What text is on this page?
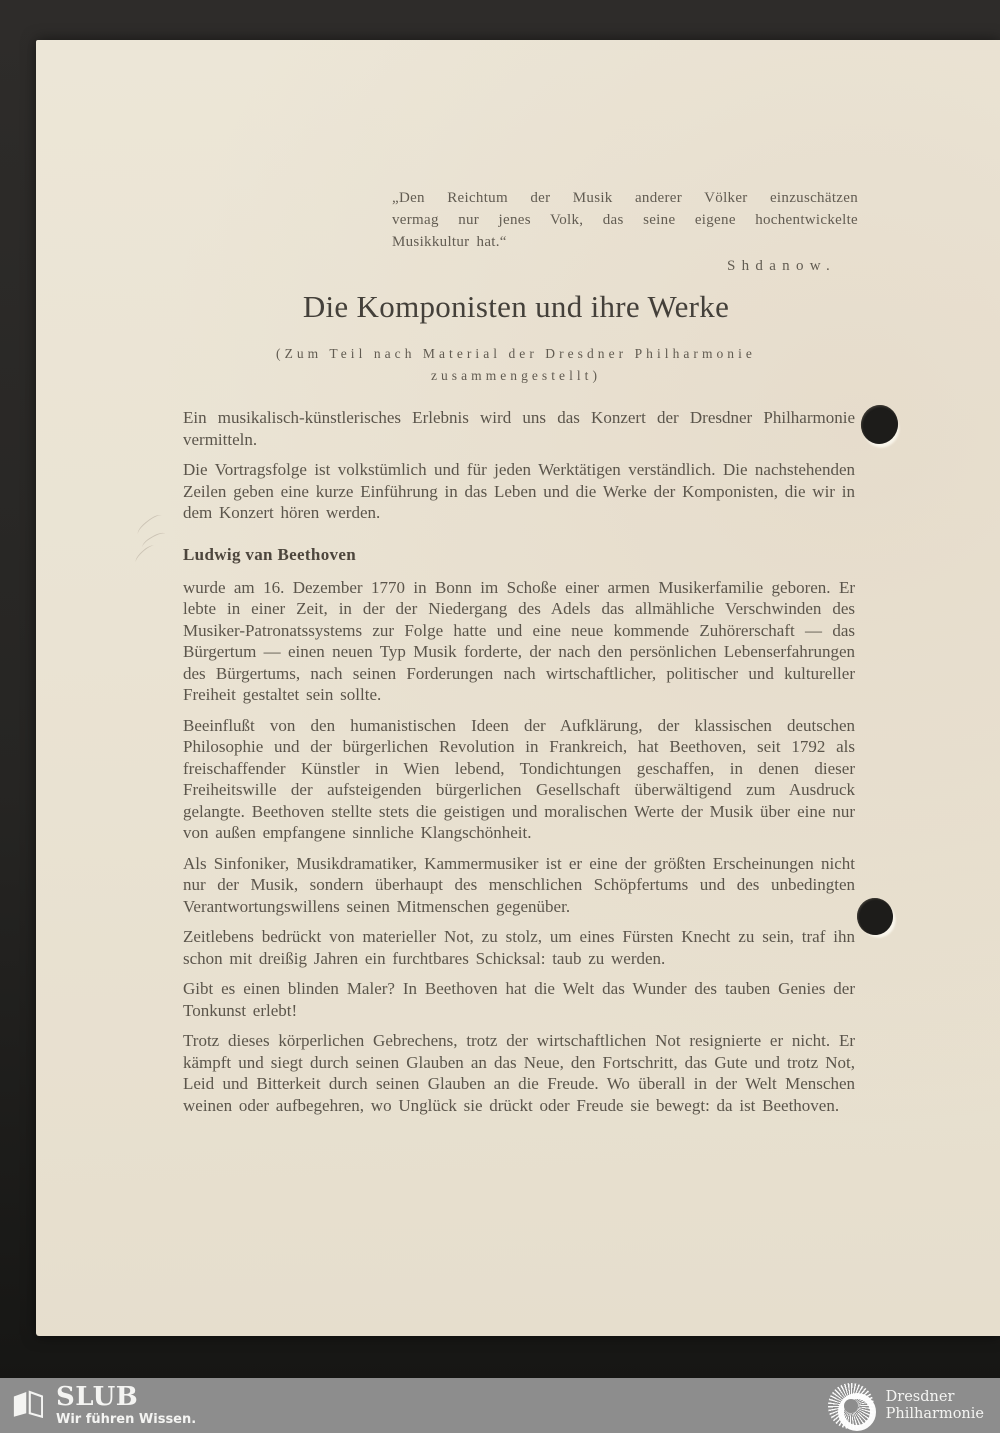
„Den Reichtum der Musik anderer Völker einzuschätzen
vermag nur jenes Volk, das seine eigene hochentwickelte
Musikkultur hat.“
Shdanow.
Die Komponisten und ihre Werke
(Zum Teil nach Material der Dresdner Philharmonie
zusammengestellt)

Ein musikalisch-künstlerisches Erlebnis wird uns das Konzert der Dresdner Philharmonie vermitteln.

Die Vortragsfolge ist volkstümlich und für jeden Werktätigen verständlich. Die nachstehenden Zeilen geben eine kurze Einführung in das Leben und die Werke der Komponisten, die wir in dem Konzert hören werden.

Ludwig van Beethoven

wurde am 16. Dezember 1770 in Bonn im Schoße einer armen Musikerfamilie geboren. Er lebte in einer Zeit, in der der Niedergang des Adels das allmähliche Verschwinden des Musiker-Patronatssystems zur Folge hatte und eine neue kommende Zuhörerschaft — das Bürgertum — einen neuen Typ Musik forderte, der nach den persönlichen Lebenserfahrungen des Bürgertums, nach seinen Forderungen nach wirtschaftlicher, politischer und kultureller Freiheit gestaltet sein sollte.

Beeinflußt von den humanistischen Ideen der Aufklärung, der klassischen deutschen Philosophie und der bürgerlichen Revolution in Frankreich, hat Beethoven, seit 1792 als freischaffender Künstler in Wien lebend, Tondichtungen geschaffen, in denen dieser Freiheitswille der aufsteigenden bürgerlichen Gesellschaft überwältigend zum Ausdruck gelangte. Beethoven stellte stets die geistigen und moralischen Werte der Musik über eine nur von außen empfangene sinnliche Klangschönheit.

Als Sinfoniker, Musikdramatiker, Kammermusiker ist er eine der größten Erscheinungen nicht nur der Musik, sondern überhaupt des menschlichen Schöpfertums und des unbedingten Verantwortungswillens seinen Mitmenschen gegenüber.

Zeitlebens bedrückt von materieller Not, zu stolz, um eines Fürsten Knecht zu sein, traf ihn schon mit dreißig Jahren ein furchtbares Schicksal: taub zu werden.

Gibt es einen blinden Maler? In Beethoven hat die Welt das Wunder des tauben Genies der Tonkunst erlebt!

Trotz dieses körperlichen Gebrechens, trotz der wirtschaftlichen Not resignierte er nicht. Er kämpft und siegt durch seinen Glauben an das Neue, den Fortschritt, das Gute und trotz Not, Leid und Bitterkeit durch seinen Glauben an die Freude. Wo überall in der Welt Menschen weinen oder aufbegehren, wo Unglück sie drückt oder Freude sie bewegt: da ist Beethoven.

SLUB
Wir führen Wissen.
Dresdner
Philharmonie
